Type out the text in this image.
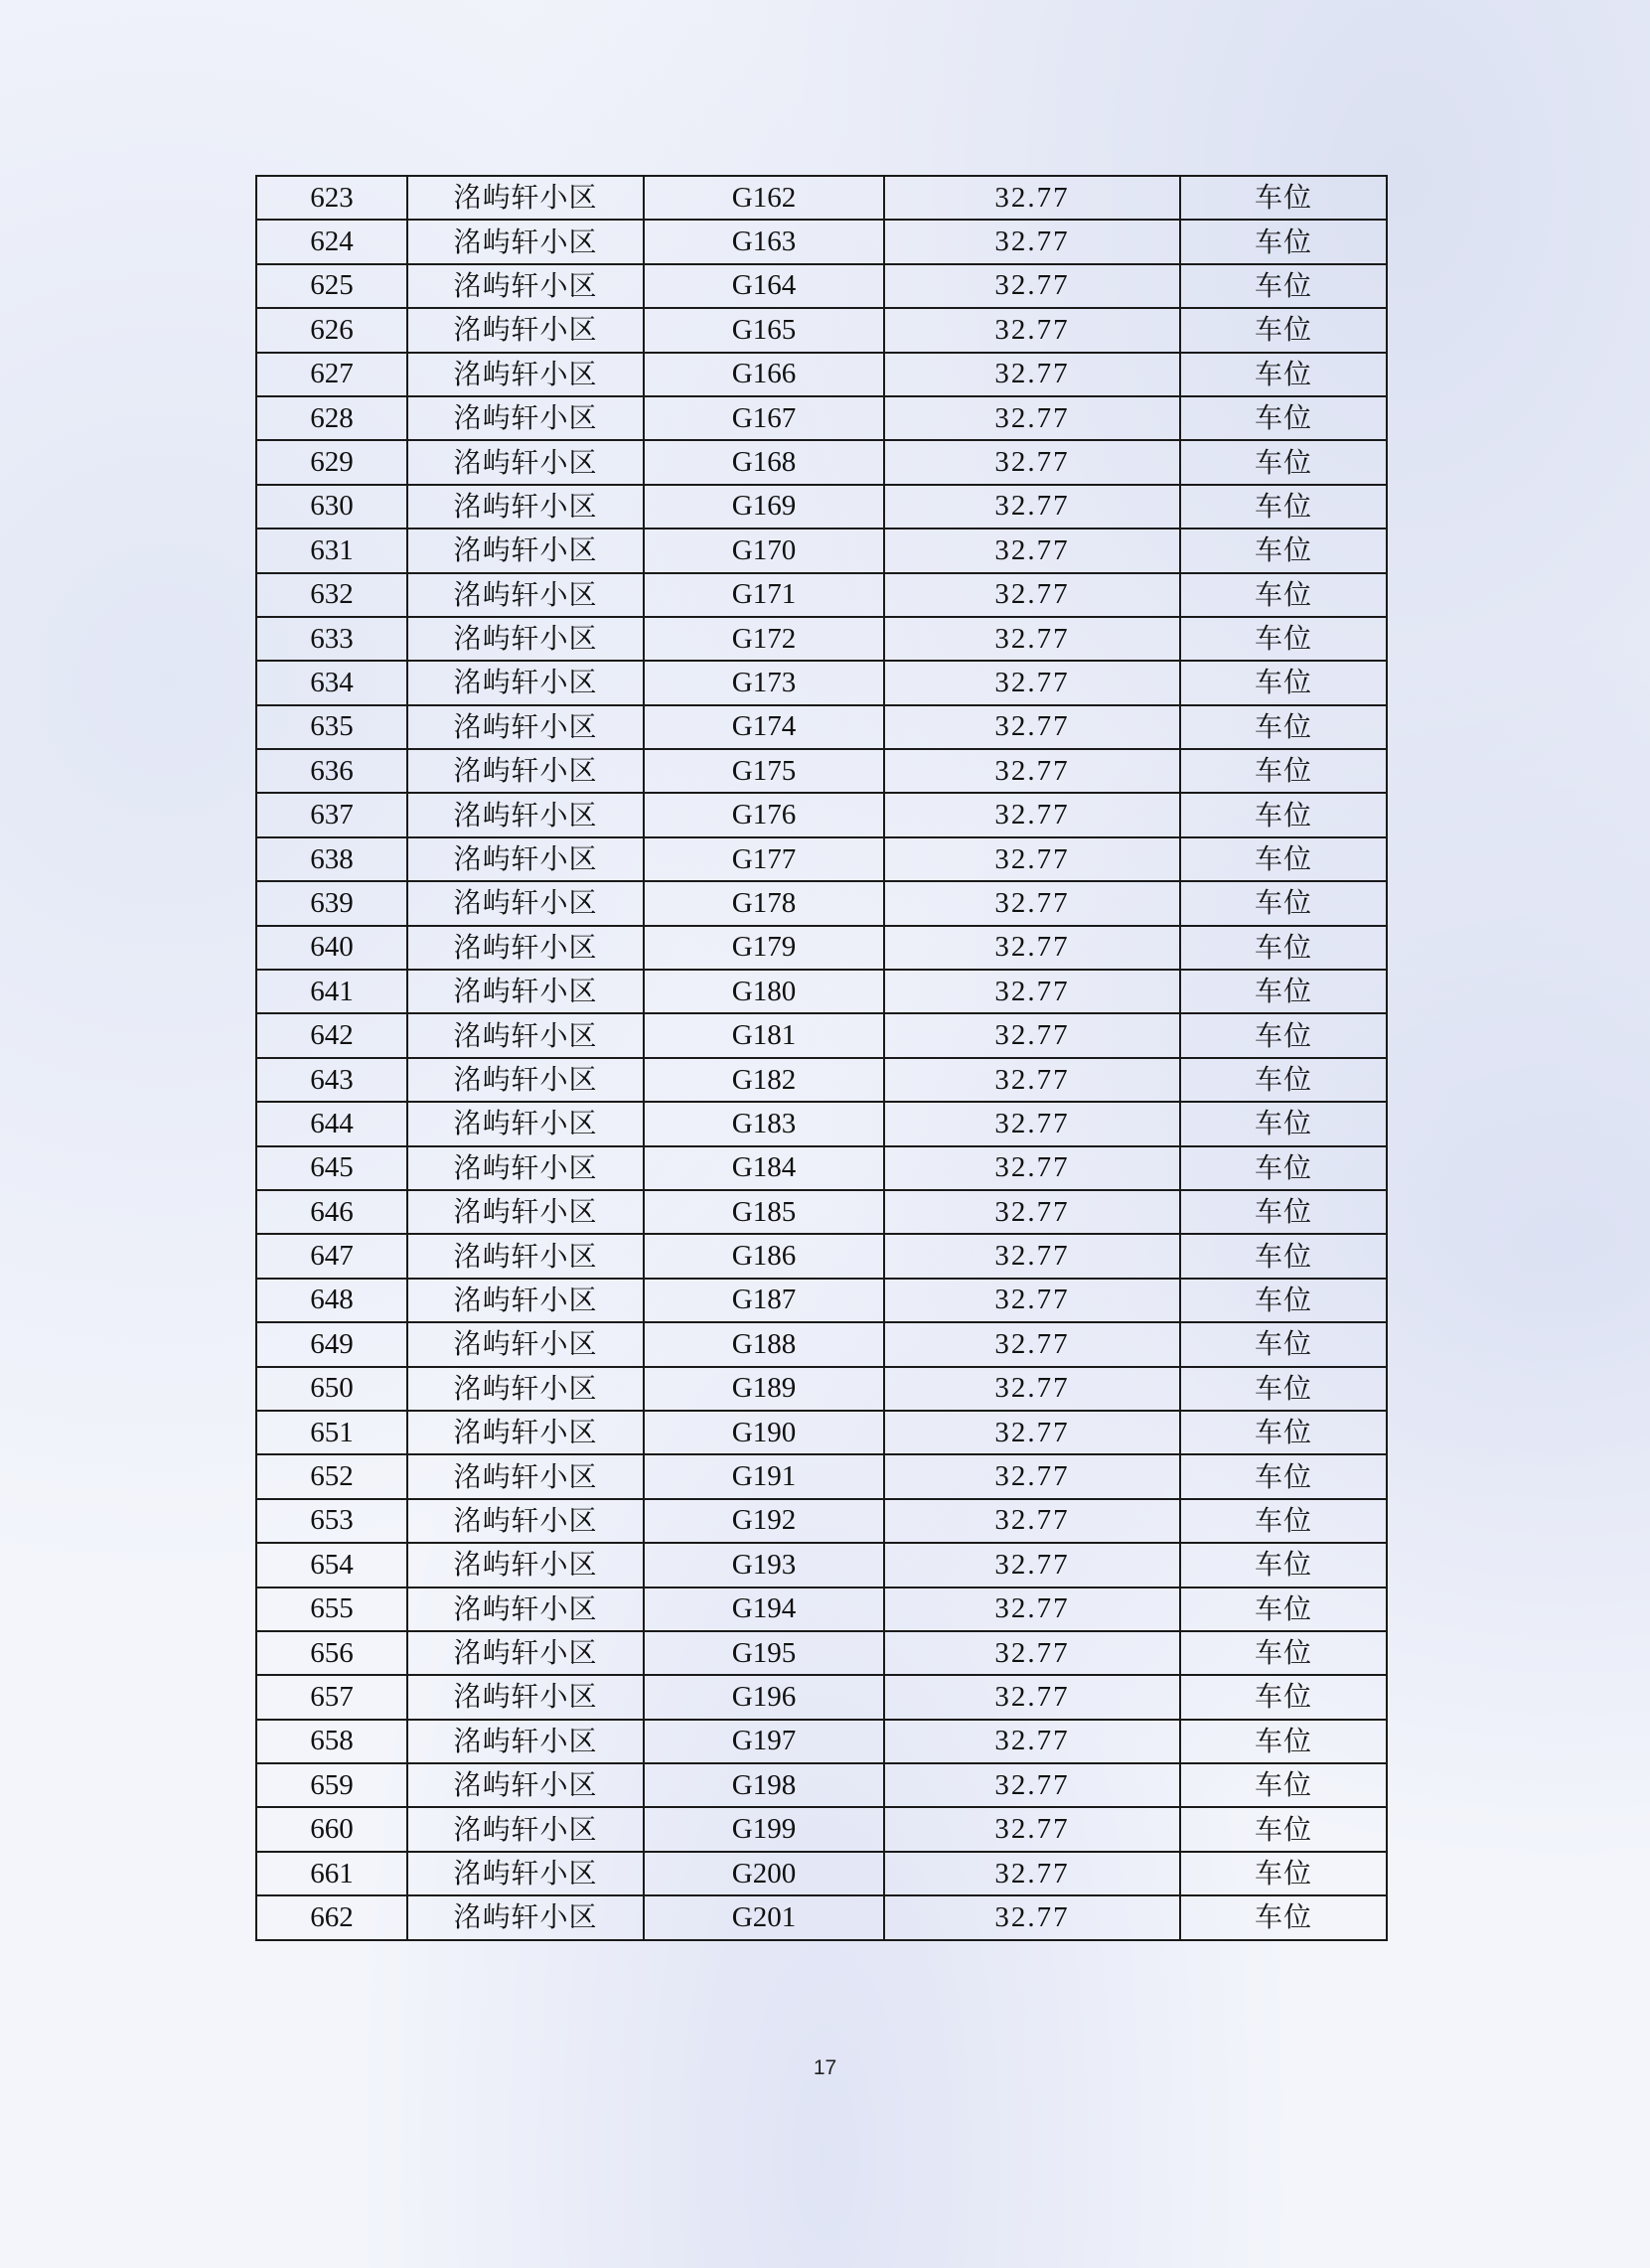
623	洺屿轩小区	G162	32.77	车位
624	洺屿轩小区	G163	32.77	车位
625	洺屿轩小区	G164	32.77	车位
626	洺屿轩小区	G165	32.77	车位
627	洺屿轩小区	G166	32.77	车位
628	洺屿轩小区	G167	32.77	车位
629	洺屿轩小区	G168	32.77	车位
630	洺屿轩小区	G169	32.77	车位
631	洺屿轩小区	G170	32.77	车位
632	洺屿轩小区	G171	32.77	车位
633	洺屿轩小区	G172	32.77	车位
634	洺屿轩小区	G173	32.77	车位
635	洺屿轩小区	G174	32.77	车位
636	洺屿轩小区	G175	32.77	车位
637	洺屿轩小区	G176	32.77	车位
638	洺屿轩小区	G177	32.77	车位
639	洺屿轩小区	G178	32.77	车位
640	洺屿轩小区	G179	32.77	车位
641	洺屿轩小区	G180	32.77	车位
642	洺屿轩小区	G181	32.77	车位
643	洺屿轩小区	G182	32.77	车位
644	洺屿轩小区	G183	32.77	车位
645	洺屿轩小区	G184	32.77	车位
646	洺屿轩小区	G185	32.77	车位
647	洺屿轩小区	G186	32.77	车位
648	洺屿轩小区	G187	32.77	车位
649	洺屿轩小区	G188	32.77	车位
650	洺屿轩小区	G189	32.77	车位
651	洺屿轩小区	G190	32.77	车位
652	洺屿轩小区	G191	32.77	车位
653	洺屿轩小区	G192	32.77	车位
654	洺屿轩小区	G193	32.77	车位
655	洺屿轩小区	G194	32.77	车位
656	洺屿轩小区	G195	32.77	车位
657	洺屿轩小区	G196	32.77	车位
658	洺屿轩小区	G197	32.77	车位
659	洺屿轩小区	G198	32.77	车位
660	洺屿轩小区	G199	32.77	车位
661	洺屿轩小区	G200	32.77	车位
662	洺屿轩小区	G201	32.77	车位
17
